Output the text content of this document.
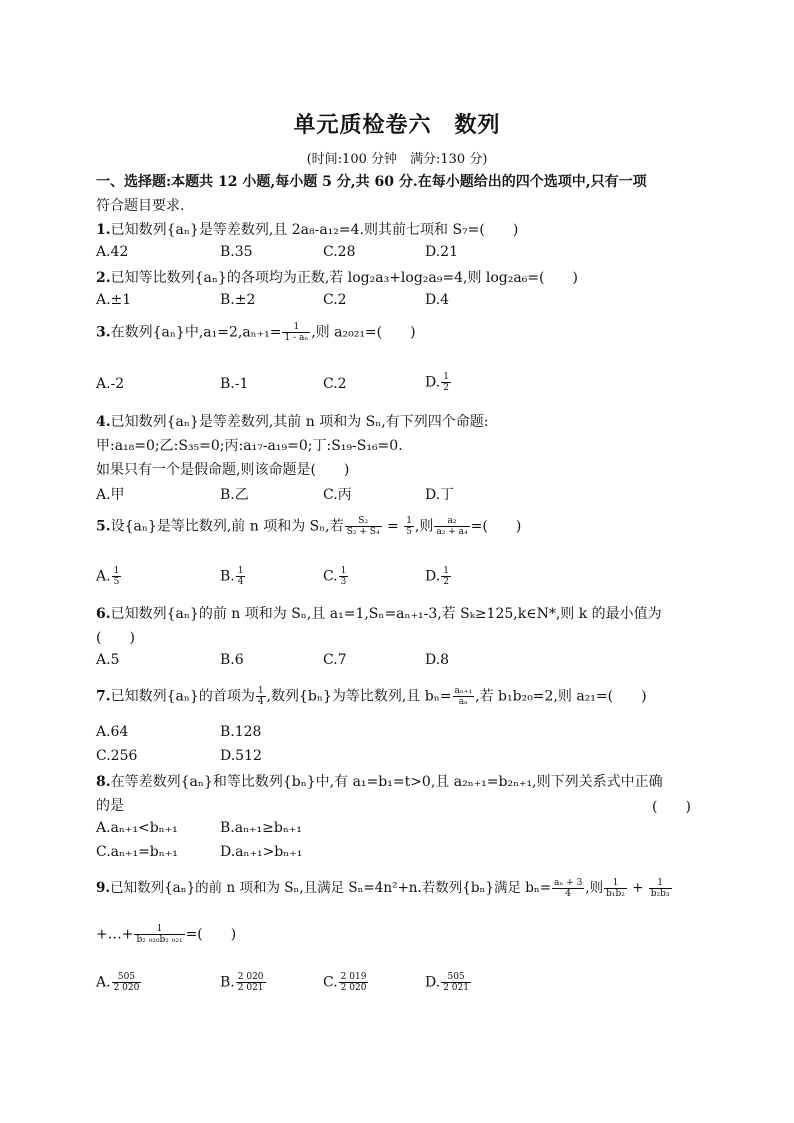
单元质检卷六　数列
(时间:100 分钟　满分:130 分)
一、选择题:本题共 12 小题,每小题 5 分,共 60 分.在每小题给出的四个选项中,只有一项
符合题目要求.
1.已知数列{aₙ}是等差数列,且 2a₈-a₁₂=4.则其前七项和 S₇=(　　)
A.42	B.35	C.28	D.21
2.已知等比数列{aₙ}的各项均为正数,若 log₂a₃+log₂a₉=4,则 log₂a₆=(　　)
A.±1	B.±2	C.2	D.4
3.在数列{aₙ}中$,a_1=2,a_{n+1}= \frac{1}{\text{1 - aₙ}}$ ,则 a₂₀₂₁=(　　)
A.-2	B.-1	C.2	D. $\frac{1}{2}$
4.已知数列{aₙ}是等差数列,其前 n 项和为 Sₙ,有下列四个命题:
甲:a₁₈=0;乙:S₃₅=0;丙:a₁₇-a₁₉=0;丁:S₁₉-S₁₆=0.
如果只有一个是假命题,则该命题是(　　)
A.甲	B.乙	C.丙	D.丁
5.设{aₙ}是等比数列,前 n 项和为 Sₙ,若 $\frac{\text{S₂}}{\text{S₂ + S₄}} = \frac{1}{5}$ ,则 $\frac{\text{a₂}}{\text{a₂ + a₄}}$ =(　　)
A. $\frac{1}{5}$	B. $\frac{1}{4}$	C. $\frac{1}{3}$	D. $\frac{1}{2}$
6.已知数列{aₙ}的前 n 项和为 Sₙ,且 a₁=1,Sₙ=aₙ₊₁-3,若 Sₖ≥125,k∈N*,则 k 的最小值为
(　　)
A.5	B.6	C.7	D.8
7.已知数列{aₙ}的首项为 $\frac{1}{4}$ ,数列{bₙ}为等比数列,且 $b_n= \frac{\text{aₙ₊₁}}{\text{aₙ}}$ ,若 b₁b₂₀=2,则 a₂₁=(　　)
A.64	B.128
C.256	D.512
8.在等差数列{aₙ}和等比数列{bₙ}中,有 a₁=b₁=t>0,且 a₂ₙ₊₁=b₂ₙ₊₁,则下列关系式中正确
的是	(　　)
A.aₙ₊₁<bₙ₊₁	B.aₙ₊₁≥bₙ₊₁
C.aₙ₊₁=bₙ₊₁	D.aₙ₊₁>bₙ₊₁
9.已知数列{aₙ}的前 n 项和为 Sₙ,且满足 Sₙ=4n²+n.若数列{bₙ}满足 $b_n= \frac{\text{aₙ + 3}}{4}$ ,则 $\frac{1}{\text{b₁b₂}} + \frac{1}{\text{b₂b₃}}$
+…+ $\frac{1}{\text{b₂ ₀₂₀b₂ ₀₂₁}}$ =(　　)
A. $\frac{505}{2 020}$	B. $\frac{2 020}{2 021}$	C. $\frac{2 019}{2 020}$	D. $\frac{505}{2 021}$
